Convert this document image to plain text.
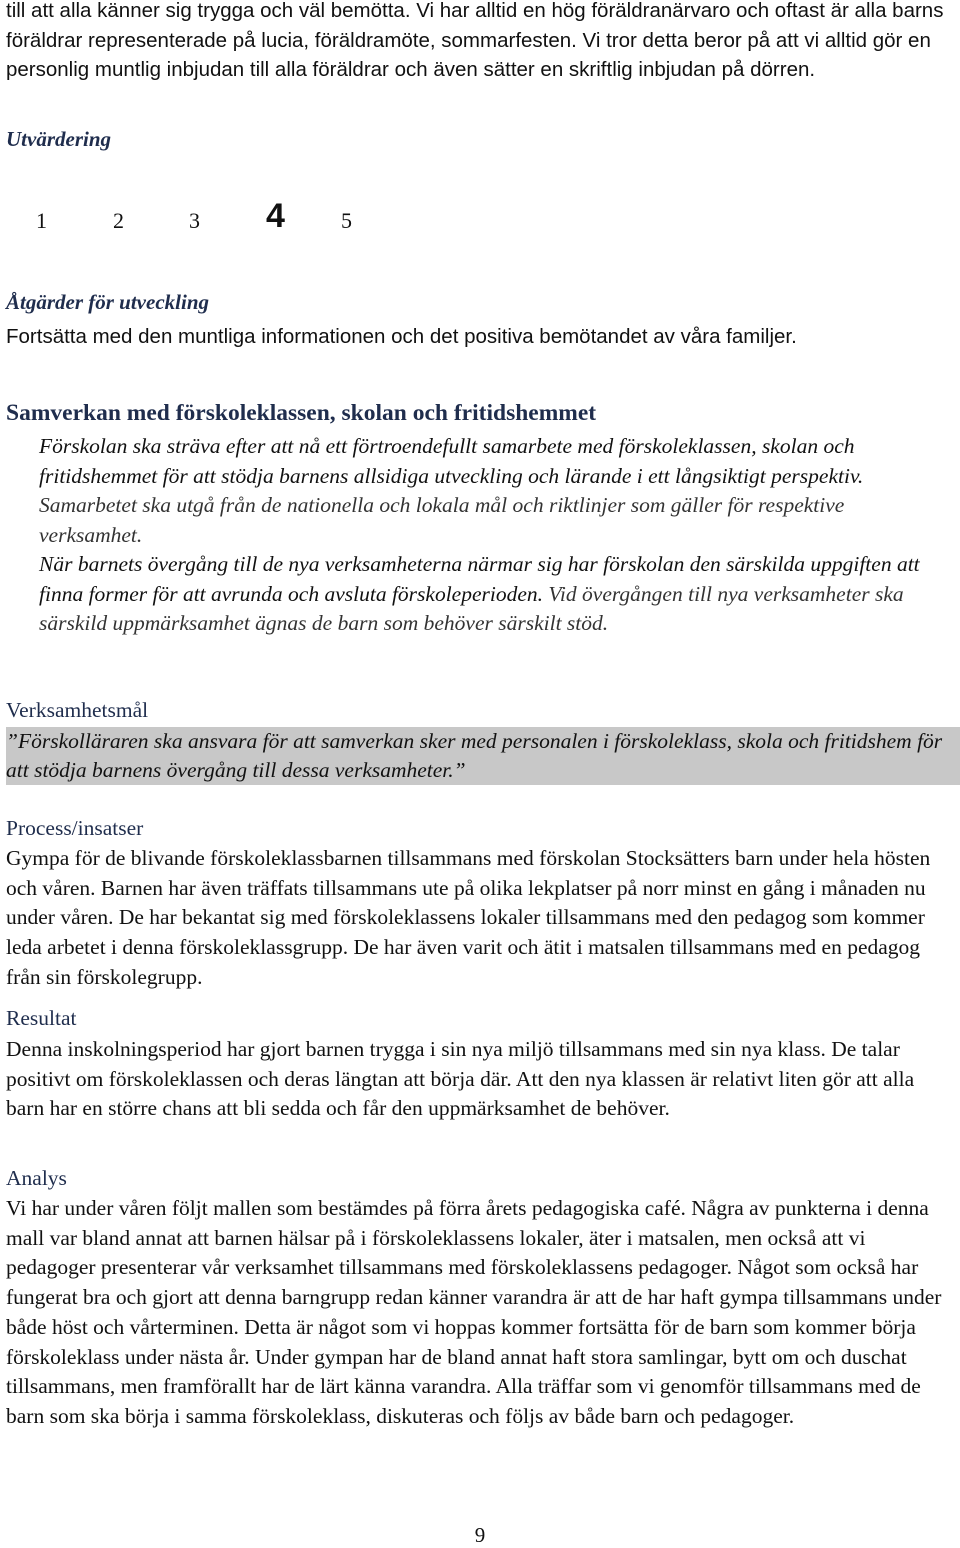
till att alla känner sig trygga och väl bemötta. Vi har alltid en hög föräldranärvaro och oftast är alla barns föräldrar representerade på lucia, föräldramöte, sommarfesten. Vi tror detta beror på att vi alltid gör en personlig muntlig inbjudan till alla föräldrar och även sätter en skriftlig inbjudan på dörren.

Utvärdering
1	2	3 4	5
Åtgärder för utveckling

Fortsätta med den muntliga informationen och det positiva bemötandet av våra familjer.

Samverkan med förskoleklassen, skolan och fritidshemmet

Förskolan ska sträva efter att nå ett förtroendefullt samarbete med förskoleklassen, skolan och fritidshemmet för att stödja barnens allsidiga utveckling och lärande i ett långsiktigt perspektiv. Samarbetet ska utgå från de nationella och lokala mål och riktlinjer som gäller för respektive verksamhet.

När barnets övergång till de nya verksamheterna närmar sig har förskolan den särskilda uppgiften att finna former för att avrunda och avsluta förskoleperioden. Vid övergången till nya verksamheter ska särskild uppmärksamhet ägnas de barn som behöver särskilt stöd.

Verksamhetsmål

”Förskolläraren ska ansvara för att samverkan sker med personalen i förskoleklass, skola och fritidshem för att stödja barnens övergång till dessa verksamheter.”

Process/insatser

Gympa för de blivande förskoleklassbarnen tillsammans med förskolan Stocksätters barn under hela hösten och våren. Barnen har även träffats tillsammans ute på olika lekplatser på norr minst en gång i månaden nu under våren. De har bekantat sig med förskoleklassens lokaler tillsammans med den pedagog som kommer leda arbetet i denna förskoleklassgrupp. De har även varit och ätit i matsalen tillsammans med en pedagog från sin förskolegrupp.

Resultat

Denna inskolningsperiod har gjort barnen trygga i sin nya miljö tillsammans med sin nya klass. De talar positivt om förskoleklassen och deras längtan att börja där. Att den nya klassen är relativt liten gör att alla barn har en större chans att bli sedda och får den uppmärksamhet de behöver.

Analys

Vi har under våren följt mallen som bestämdes på förra årets pedagogiska café. Några av punkterna i denna mall var bland annat att barnen hälsar på i förskoleklassens lokaler, äter i matsalen, men också att vi pedagoger presenterar vår verksamhet tillsammans med förskoleklassens pedagoger. Något som också har fungerat bra och gjort att denna barngrupp redan känner varandra är att de har haft gympa tillsammans under både höst och vårterminen. Detta är något som vi hoppas kommer fortsätta för de barn som kommer börja förskoleklass under nästa år. Under gympan har de bland annat haft stora samlingar, bytt om och duschat tillsammans, men framförallt har de lärt känna varandra. Alla träffar som vi genomför tillsammans med de barn som ska börja i samma förskoleklass, diskuteras och följs av både barn och pedagoger.

9
